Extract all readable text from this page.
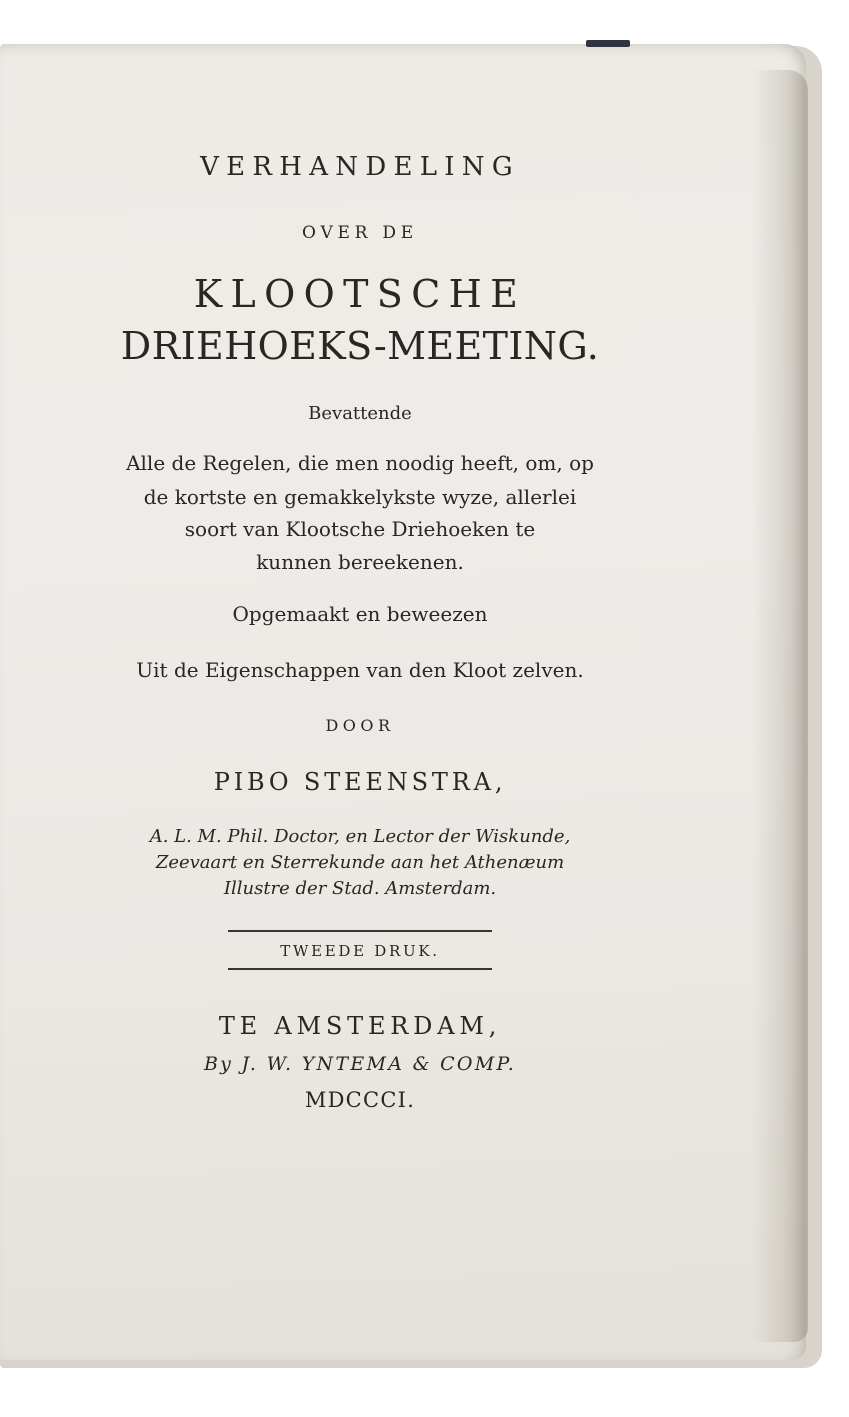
VERHANDELING
OVER DE
KLOOTSCHE
DRIEHOEKS-MEETING.
Bevattende
Alle de Regelen, die men noodig heeft, om, op
de kortste en gemakkelykste wyze, allerlei
soort van Klootsche Driehoeken te
kunnen bereekenen.
Opgemaakt en beweezen
Uit de Eigenschappen van den Kloot zelven.
DOOR
PIBO STEENSTRA,
A. L. M. Phil. Doctor, en Lector der Wiskunde,
Zeevaart en Sterrekunde aan het Athenæum
Illustre der Stad. Amsterdam.
TWEEDE DRUK.
TE AMSTERDAM,
By J. W. YNTEMA & COMP.
MDCCCI.
